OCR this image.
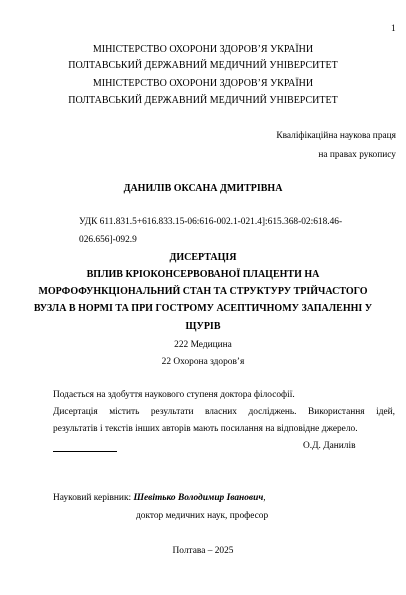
1
МІНІСТЕРСТВО ОХОРОНИ ЗДОРОВ’Я УКРАЇНИ
ПОЛТАВСЬКИЙ ДЕРЖАВНИЙ МЕДИЧНИЙ УНІВЕРСИТЕТ
МІНІСТЕРСТВО ОХОРОНИ ЗДОРОВ’Я УКРАЇНИ
ПОЛТАВСЬКИЙ ДЕРЖАВНИЙ МЕДИЧНИЙ УНІВЕРСИТЕТ
Кваліфікаційна наукова праця
на правах рукопису
ДАНИЛІВ ОКСАНА ДМИТРІВНА
УДК 611.831.5+616.833.15-06:616-002.1-021.4]:615.368-02:618.46-
026.656]-092.9
ДИСЕРТАЦІЯ
ВПЛИВ КРІОКОНСЕРВОВАНОЇ ПЛАЦЕНТИ НА
МОРФОФУНКЦІОНАЛЬНИЙ СТАН ТА СТРУКТУРУ ТРІЙЧАСТОГО
ВУЗЛА В НОРМІ ТА ПРИ ГОСТРОМУ АСЕПТИЧНОМУ ЗАПАЛЕННІ У
ЩУРІВ
222 Медицина
22 Охорона здоров’я
Подається на здобуття наукового ступеня доктора філософії.
Дисертація містить результати власних досліджень. Використання ідей,
результатів і текстів інших авторів мають посилання на відповідне джерело.
О.Д. Данилів
Науковий керівник: Шевітько Володимир Іванович,
доктор медичних наук, професор
Полтава – 2025
